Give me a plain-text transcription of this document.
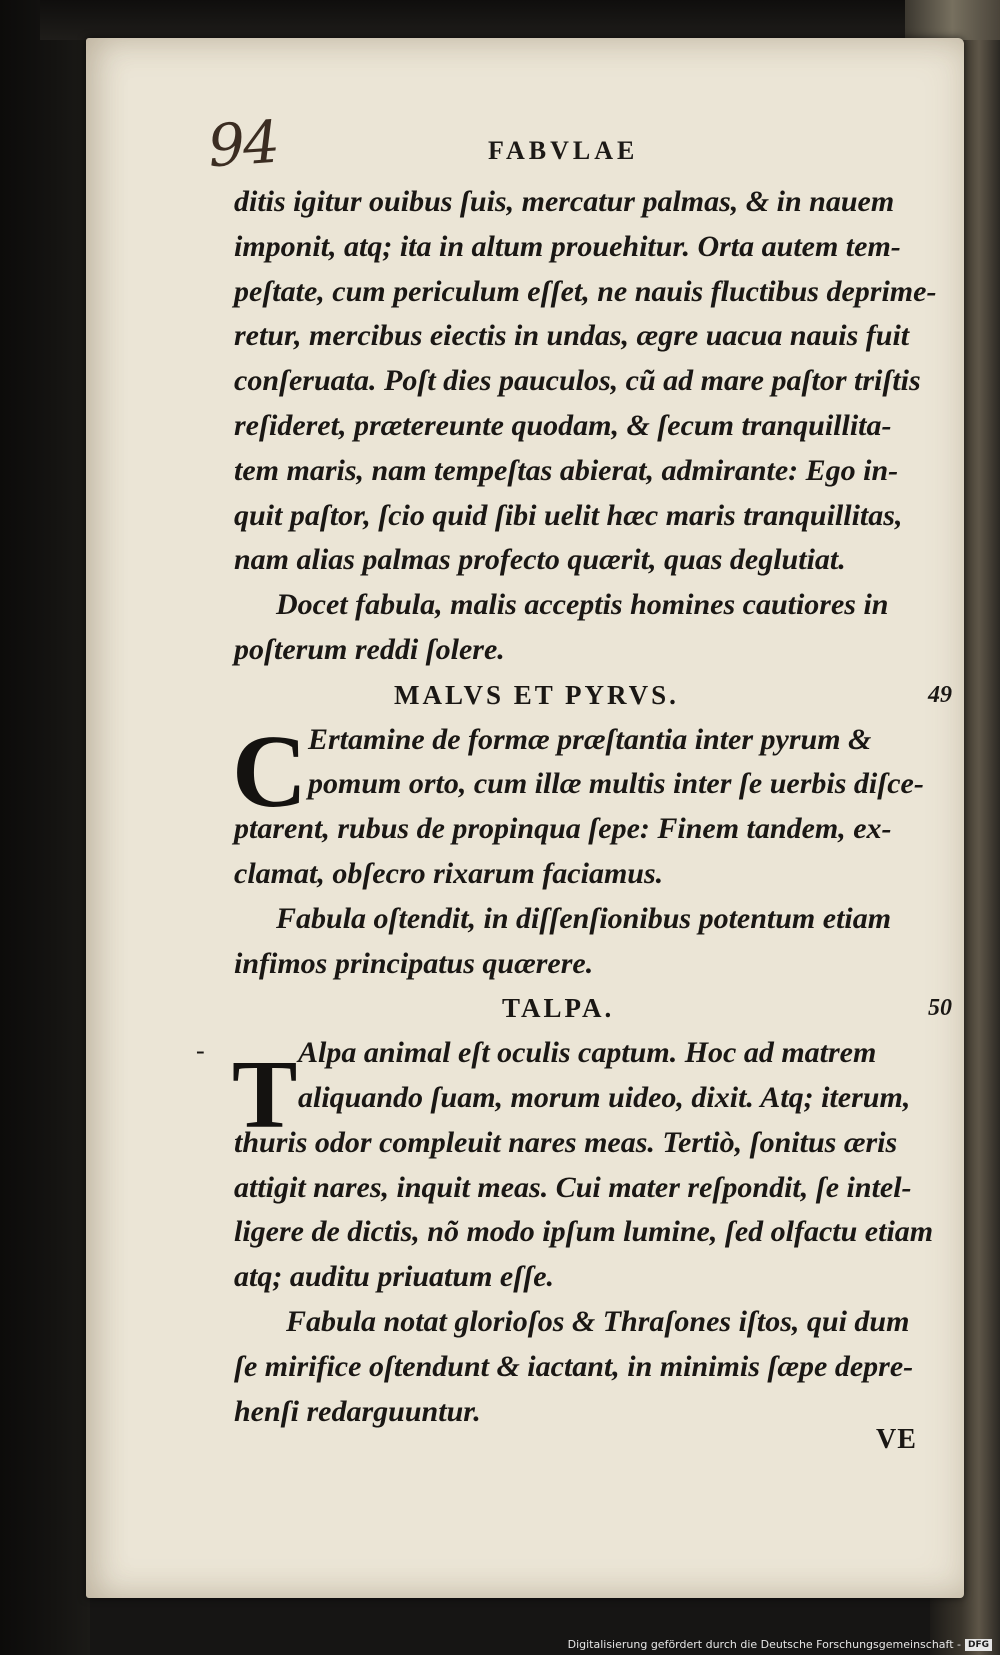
94	FABVLAE
-
ditis igitur ouibus ſuis, mercatur palmas, & in nauem
imponit, atq; ita in altum prouehitur. Orta autem tem-
peſtate, cum periculum eſſet, ne nauis fluctibus deprime-
retur, mercibus eiectis in undas, ægre uacua nauis fuit
conſeruata. Poſt dies pauculos, cũ ad mare paſtor triſtis
reſideret, prætereunte quodam, & ſecum tranquillita-
tem maris, nam tempeſtas abierat, admirante: Ego in-
quit paſtor, ſcio quid ſibi uelit hæc maris tranquillitas,
nam alias palmas profecto quærit, quas deglutiat.
Docet fabula, malis acceptis homines cautiores in
poſterum reddi ſolere.
MALVS ET PYRVS.	49
Ertamine de formæ præſtantia inter pyrum &
pomum orto, cum illæ multis inter ſe uerbis diſce-
ptarent, rubus de propinqua ſepe: Finem tandem, ex-
clamat, obſecro rixarum faciamus.
Fabula oſtendit, in diſſenſionibus potentum etiam
infimos principatus quærere.
TALPA.	50
Alpa animal eſt oculis captum. Hoc ad matrem
aliquando ſuam, morum uideo, dixit. Atq; iterum,
thuris odor compleuit nares meas. Tertiò, ſonitus æris
attigit nares, inquit meas. Cui mater reſpondit, ſe intel-
ligere de dictis, nõ modo ipſum lumine, ſed olfactu etiam
atq; auditu priuatum eſſe.
Fabula notat glorioſos & Thraſones iſtos, qui dum
ſe mirifice oſtendunt & iactant, in minimis ſæpe depre-
henſi redarguuntur.
C
T
VE
Digitalisierung gefördert durch die Deutsche Forschungsgemeinschaft - DFG
